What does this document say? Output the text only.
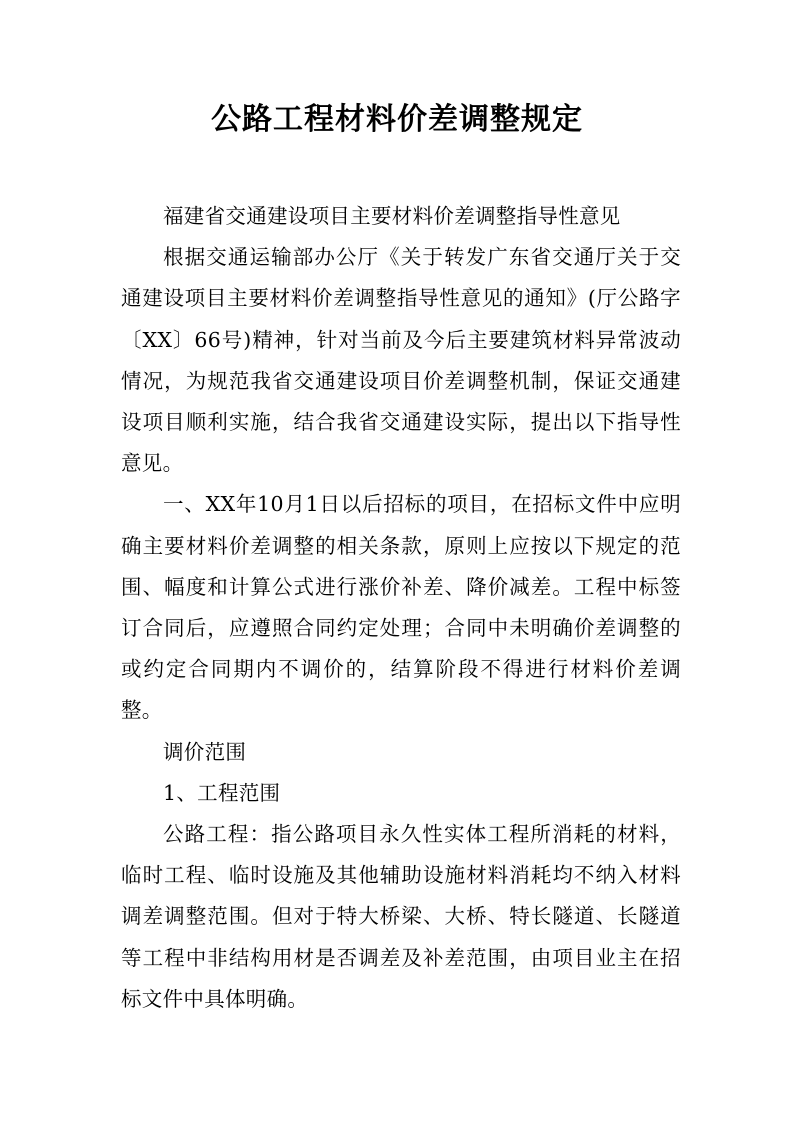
公路工程材料价差调整规定

福建省交通建设项目主要材料价差调整指导性意见

根据交通运输部办公厅《关于转发广东省交通厅关于交通建设项目主要材料价差调整指导性意见的通知》(厅公路字〔XX〕66号)精神，针对当前及今后主要建筑材料异常波动情况，为规范我省交通建设项目价差调整机制，保证交通建设项目顺利实施，结合我省交通建设实际，提出以下指导性意见。

一、XX年10月1日以后招标的项目，在招标文件中应明确主要材料价差调整的相关条款，原则上应按以下规定的范围、幅度和计算公式进行涨价补差、降价减差。工程中标签订合同后，应遵照合同约定处理；合同中未明确价差调整的或约定合同期内不调价的，结算阶段不得进行材料价差调整。

调价范围

1、工程范围

公路工程：指公路项目永久性实体工程所消耗的材料，临时工程、临时设施及其他辅助设施材料消耗均不纳入材料调差调整范围。但对于特大桥梁、大桥、特长隧道、长隧道等工程中非结构用材是否调差及补差范围，由项目业主在招标文件中具体明确。
